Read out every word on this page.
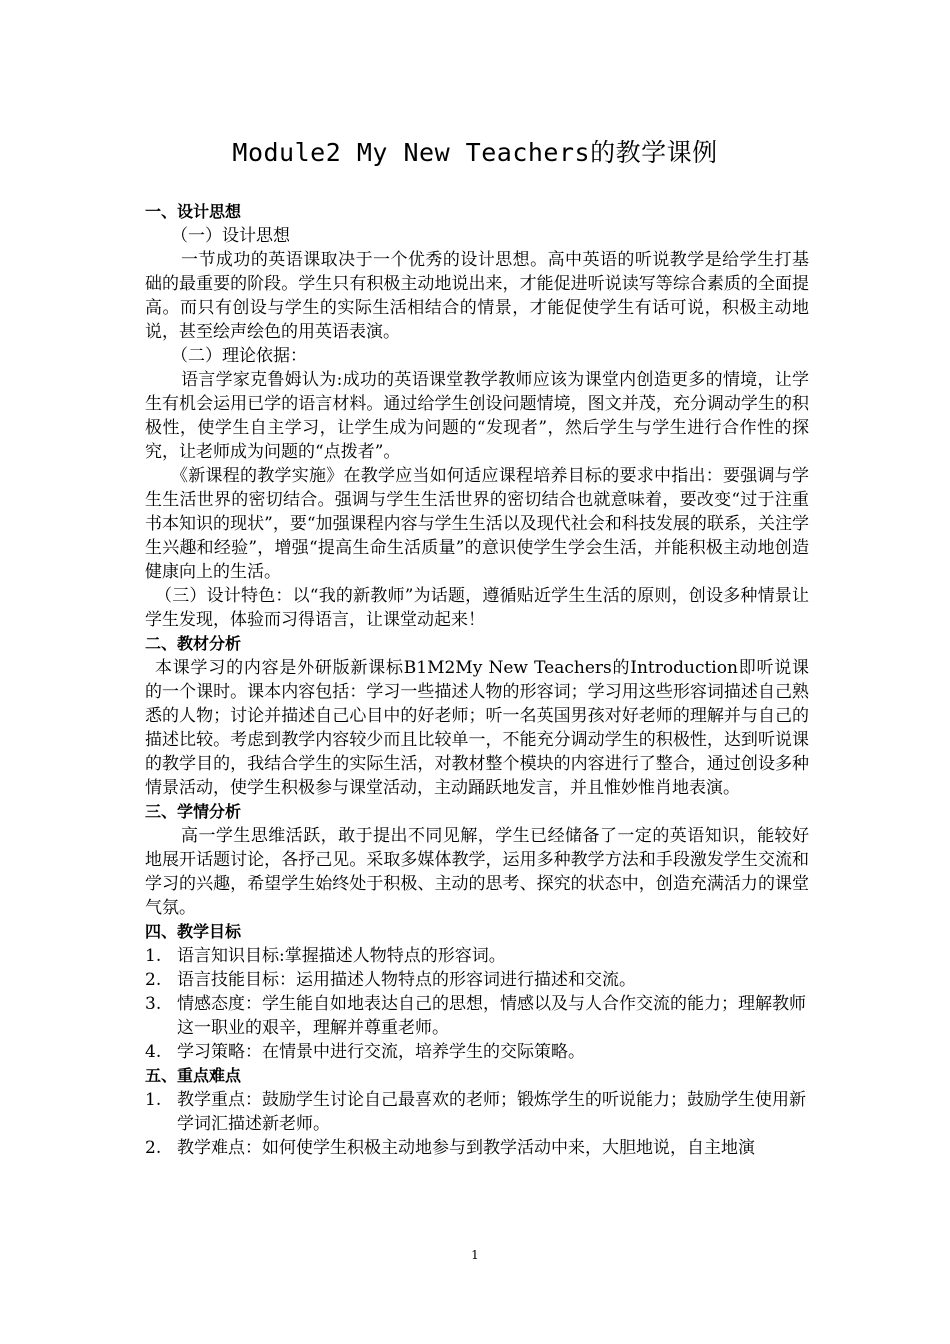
Module2 My New Teachers的教学课例
一、设计思想

（一）设计思想

一节成功的英语课取决于一个优秀的设计思想。高中英语的听说教学是给学生打基础的最重要的阶段。学生只有积极主动地说出来，才能促进听说读写等综合素质的全面提高。而只有创设与学生的实际生活相结合的情景，才能促使学生有话可说，积极主动地说，甚至绘声绘色的用英语表演。

（二）理论依据：

语言学家克鲁姆认为:成功的英语课堂教学教师应该为课堂内创造更多的情境，让学生有机会运用已学的语言材料。通过给学生创设问题情境，图文并茂，充分调动学生的积极性，使学生自主学习，让学生成为问题的“发现者”，然后学生与学生进行合作性的探究，让老师成为问题的“点拨者”。

《新课程的教学实施》在教学应当如何适应课程培养目标的要求中指出：要强调与学生生活世界的密切结合。强调与学生生活世界的密切结合也就意味着，要改变“过于注重书本知识的现状”，要“加强课程内容与学生生活以及现代社会和科技发展的联系，关注学生兴趣和经验”，增强“提高生命生活质量”的意识使学生学会生活，并能积极主动地创造健康向上的生活。

（三）设计特色：以“我的新教师”为话题，遵循贴近学生生活的原则，创设多种情景让学生发现，体验而习得语言，让课堂动起来！

二、教材分析

本课学习的内容是外研版新课标B1M2My New Teachers的Introduction即听说课的一个课时。课本内容包括：学习一些描述人物的形容词；学习用这些形容词描述自己熟悉的人物；讨论并描述自己心目中的好老师；听一名英国男孩对好老师的理解并与自己的描述比较。考虑到教学内容较少而且比较单一，不能充分调动学生的积极性，达到听说课的教学目的，我结合学生的实际生活，对教材整个模块的内容进行了整合，通过创设多种情景活动，使学生积极参与课堂活动，主动踊跃地发言，并且惟妙惟肖地表演。

三、学情分析

高一学生思维活跃，敢于提出不同见解，学生已经储备了一定的英语知识，能较好地展开话题讨论，各抒己见。采取多媒体教学，运用多种教学方法和手段激发学生交流和学习的兴趣，希望学生始终处于积极、主动的思考、探究的状态中，创造充满活力的课堂气氛。

四、教学目标
1. 语言知识目标:掌握描述人物特点的形容词。
2. 语言技能目标：运用描述人物特点的形容词进行描述和交流。
3. 情感态度：学生能自如地表达自己的思想，情感以及与人合作交流的能力；理解教师这一职业的艰辛，理解并尊重老师。
4. 学习策略：在情景中进行交流，培养学生的交际策略。
五、重点难点
1. 教学重点：鼓励学生讨论自己最喜欢的老师；锻炼学生的听说能力；鼓励学生使用新学词汇描述新老师。
2. 教学难点：如何使学生积极主动地参与到教学活动中来，大胆地说，自主地演
1
